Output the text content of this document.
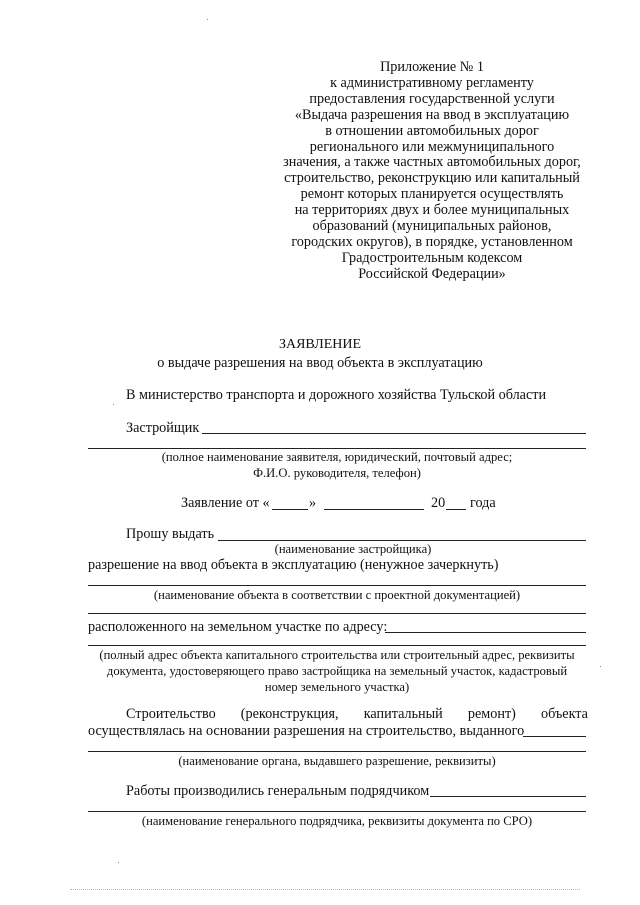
Приложение № 1
к административному регламенту
предоставления государственной услуги
«Выдача разрешения на ввод в эксплуатацию
в отношении автомобильных дорог
регионального или межмуниципального
значения, а также частных автомобильных дорог,
строительство, реконструкцию или капитальный
ремонт которых планируется осуществлять
на территориях двух и более муниципальных
образований (муниципальных районов,
городских округов), в порядке, установленном
Градостроительным кодексом
Российской Федерации»
ЗАЯВЛЕНИЕ
о выдаче разрешения на ввод объекта в эксплуатацию
В министерство транспорта и дорожного хозяйства Тульской области
Застройщик
(полное наименование заявителя, юридический, почтовый адрес;
Ф.И.О. руководителя, телефон)
Заявление от «	»	20 года
Прошу выдать
(наименование застройщика)
разрешение на ввод объекта в эксплуатацию (ненужное зачеркнуть)
(наименование объекта в соответствии с проектной документацией)
расположенного на земельном участке по адресу:
(полный адрес объекта капитального строительства или строительный адрес, реквизиты
документа, удостоверяющего право застройщика на земельный участок, кадастровый
номер земельного участка)
Строительство (реконструкция, капитальный ремонт) объекта
осуществлялась на основании разрешения на строительство, выданного
(наименование органа, выдавшего разрешение, реквизиты)
Работы производились генеральным подрядчиком
(наименование генерального подрядчика, реквизиты документа по СРО)
